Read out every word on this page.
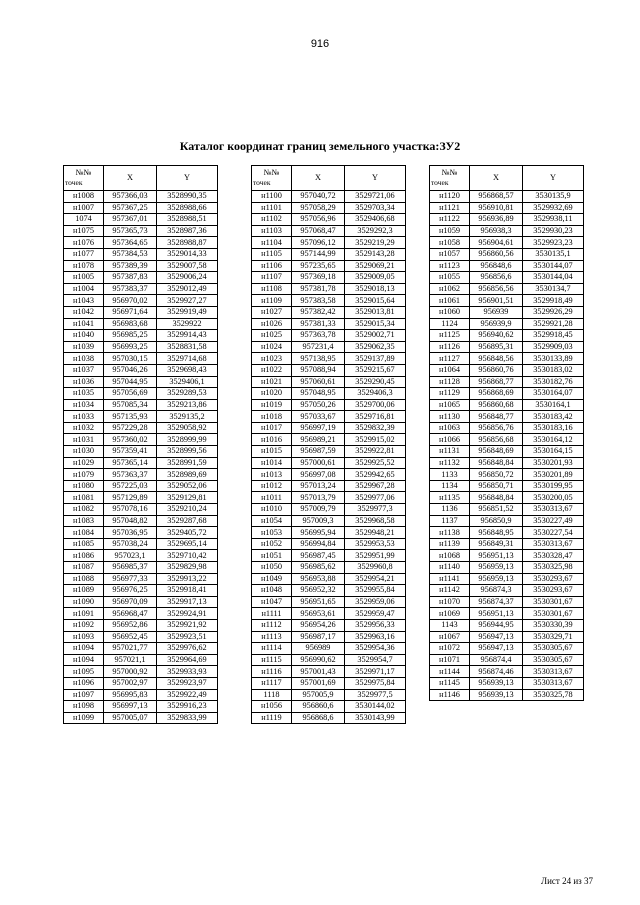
916
Каталог координат границ земельного участка:ЗУ2
№№
точек	X	Y
н1008	957366,03	3528990,35
н1007	957367,25	3528988,66
1074	957367,01	3528988,51
н1075	957365,73	3528987,36
н1076	957364,65	3528988,87
н1077	957384,53	3529014,33
н1078	957389,39	3529007,58
н1005	957387,83	3529006,24
н1004	957383,37	3529012,49
н1043	956970,02	3529927,27
н1042	956971,64	3529919,49
н1041	956983,68	3529922
н1040	956985,25	3529914,43
н1039	956993,25	3528831,58
н1038	957030,15	3529714,68
н1037	957046,26	3529698,43
н1036	957044,95	3529406,1
н1035	957056,69	3529289,53
н1034	957085,34	3529213,86
н1033	957135,93	3529135,2
н1032	957229,28	3529058,92
н1031	957360,02	3528999,99
н1030	957359,41	3528999,56
н1029	957365,14	3528991,59
н1079	957363,37	3528989,69
н1080	957225,03	3529052,06
н1081	957129,89	3529129,81
н1082	957078,16	3529210,24
н1083	957048,82	3529287,68
н1084	957036,95	3529405,72
н1085	957038,24	3529695,14
н1086	957023,1	3529710,42
н1087	956985,37	3529829,98
н1088	956977,33	3529913,22
н1089	956976,25	3529918,41
н1090	956970,09	3529917,13
н1091	956968,47	3529924,91
н1092	956952,86	3529921,92
н1093	956952,45	3529923,51
н1094	957021,77	3529976,62
н1094	957021,1	3529964,69
н1095	957000,92	3529933,93
н1096	957002,97	3529923,97
н1097	956995,83	3529922,49
н1098	956997,13	3529916,23
н1099	957005,07	3529833,99
№№
точек	X	Y
н1100	957040,72	3529721,06
н1101	957058,29	3529703,34
н1102	957056,96	3529406,68
н1103	957068,47	3529292,3
н1104	957096,12	3529219,29
н1105	957144,99	3529143,28
н1106	957235,65	3529069,21
н1107	957369,18	3529009,05
н1108	957381,78	3529018,13
н1109	957383,58	3529015,64
н1027	957382,42	3529013,81
н1026	957381,33	3529015,34
н1025	957363,78	3529002,71
н1024	957231,4	3529062,35
н1023	957138,95	3529137,89
н1022	957088,94	3529215,67
н1021	957060,61	3529290,45
н1020	957048,95	3529406,3
н1019	957050,26	3529700,06
н1018	957033,67	3529716,81
н1017	956997,19	3529832,39
н1016	956989,21	3529915,02
н1015	956987,59	3529922,81
н1014	957000,61	3529925,52
н1013	956997,08	3529942,65
н1012	957013,24	3529967,28
н1011	957013,79	3529977,06
н1010	957009,79	3529977,3
н1054	957009,3	3529968,58
н1053	956995,94	3529948,21
н1052	956994,84	3529953,53
н1051	956987,45	3529951,99
н1050	956985,62	3529960,8
н1049	956953,88	3529954,21
н1048	956952,32	3529955,84
н1047	956951,65	3529959,06
н1111	956953,61	3529959,47
н1112	956954,26	3529956,33
н1113	956987,17	3529963,16
н1114	956989	3529954,36
н1115	956990,62	3529954,7
н1116	957001,43	3529971,17
н1117	957001,69	3529975,84
1118	957005,9	3529977,5
н1056	956860,6	3530144,02
н1119	956868,6	3530143,99
№№
точек	X	Y
н1120	956868,57	3530135,9
н1121	956910,81	3529932,69
н1122	956936,89	3529938,11
н1059	956938,3	3529930,23
н1058	956904,61	3529923,23
н1057	956860,56	3530135,1
н1123	956848,6	3530144,07
н1055	956856,6	3530144,04
н1062	956856,56	3530134,7
н1061	956901,51	3529918,49
н1060	956939	3529926,29
1124	956939,9	3529921,28
н1125	956940,62	3529918,45
н1126	956895,31	3529909,03
н1127	956848,56	3530133,89
н1064	956860,76	3530183,02
н1128	956868,77	3530182,76
н1129	956868,69	3530164,07
н1065	956860,68	3530164,1
н1130	956848,77	3530183,42
н1063	956856,76	3530183,16
н1066	956856,68	3530164,12
н1131	956848,69	3530164,15
н1132	956848,84	3530201,93
1133	956850,72	3530201,89
1134	956850,71	3530199,95
н1135	956848,84	3530200,05
1136	956851,52	3530313,67
1137	956850,9	3530227,49
н1138	956848,95	3530227,54
н1139	956849,31	3530313,67
н1068	956951,13	3530328,47
н1140	956959,13	3530325,98
н1141	956959,13	3530293,67
н1142	956874,3	3530293,67
н1070	956874,37	3530301,67
н1069	956951,13	3530301,67
1143	956944,95	3530330,39
н1067	956947,13	3530329,71
н1072	956947,13	3530305,67
н1071	956874,4	3530305,67
н1144	956874,46	3530313,67
н1145	956939,13	3530313,67
н1146	956939,13	3530325,78
Лист 24 из 37
